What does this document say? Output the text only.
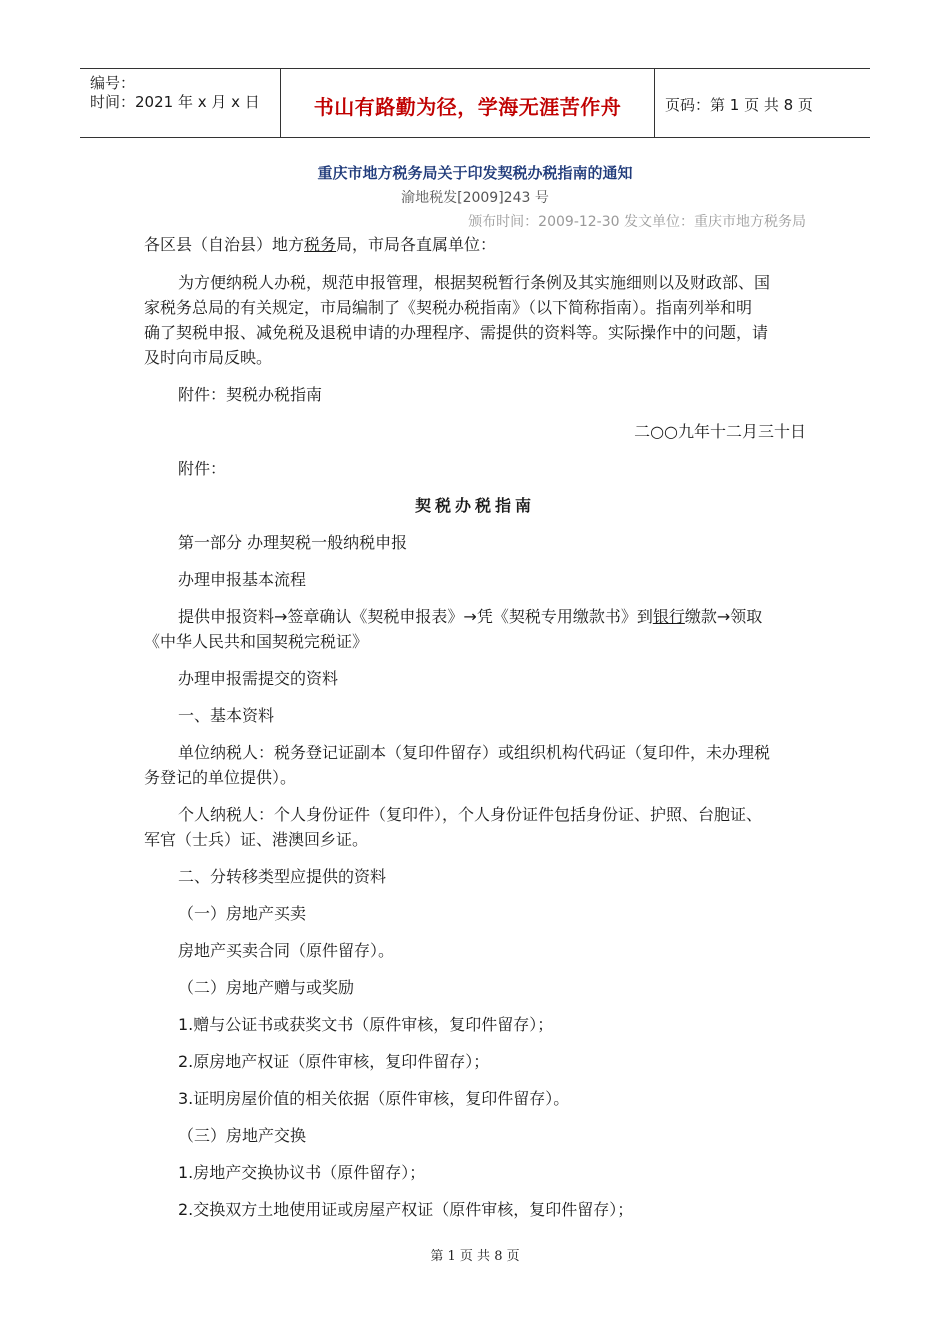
编号：
时间：2021 年 x 月 x 日	书山有路勤为径，学海无涯苦作舟	页码：第 1 页 共 8 页
重庆市地方税务局关于印发契税办税指南的通知
渝地税发[2009]243 号
颁布时间：2009-12-30 发文单位：重庆市地方税务局
各区县（自治县）地方税务局，市局各直属单位：
为方便纳税人办税，规范申报管理，根据契税暂行条例及其实施细则以及财政部、国
家税务总局的有关规定，市局编制了《契税办税指南》（以下简称指南）。指南列举和明
确了契税申报、减免税及退税申请的办理程序、需提供的资料等。实际操作中的问题，请
及时向市局反映。
附件：契税办税指南
二○○九年十二月三十日
附件：
契税办税指南
第一部分 办理契税一般纳税申报
办理申报基本流程
提供申报资料→签章确认《契税申报表》→凭《契税专用缴款书》到银行缴款→领取
《中华人民共和国契税完税证》
办理申报需提交的资料
一、基本资料
单位纳税人：税务登记证副本（复印件留存）或组织机构代码证（复印件，未办理税
务登记的单位提供）。
个人纳税人：个人身份证件（复印件），个人身份证件包括身份证、护照、台胞证、
军官（士兵）证、港澳回乡证。
二、分转移类型应提供的资料
（一）房地产买卖
房地产买卖合同（原件留存）。
（二）房地产赠与或奖励
1.赠与公证书或获奖文书（原件审核，复印件留存）；
2.原房地产权证（原件审核，复印件留存）；
3.证明房屋价值的相关依据（原件审核，复印件留存）。
（三）房地产交换
1.房地产交换协议书（原件留存）；
2.交换双方土地使用证或房屋产权证（原件审核，复印件留存）；
第 1 页 共 8 页
